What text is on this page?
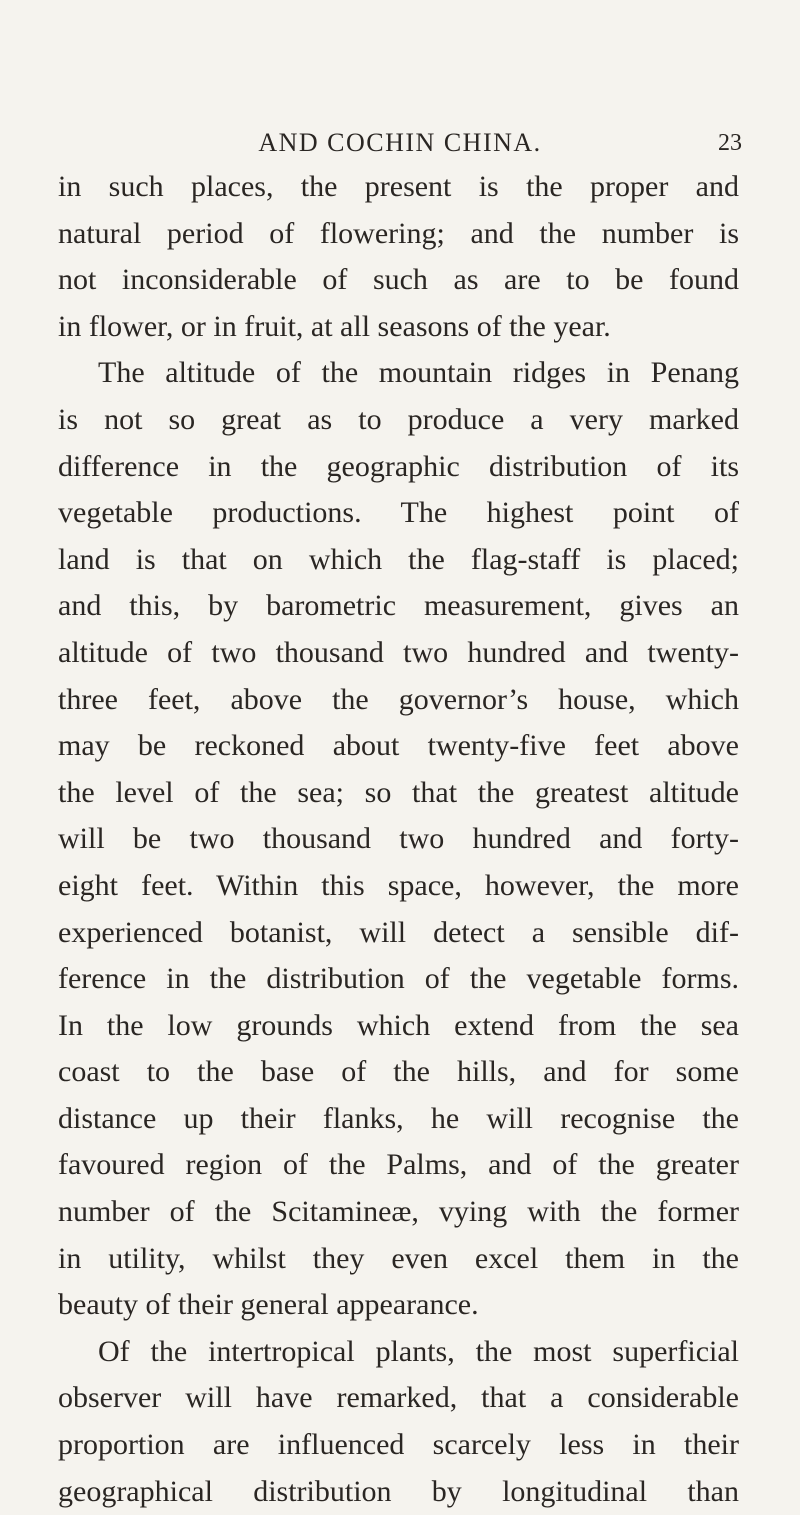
AND COCHIN CHINA.	23
in such places, the present is the proper and
natural period of flowering; and the number is
not inconsiderable of such as are to be found
in flower, or in fruit, at all seasons of the year.
The altitude of the mountain ridges in Penang
is not so great as to produce a very marked
difference in the geographic distribution of its
vegetable productions. The highest point of
land is that on which the flag-staff is placed;
and this, by barometric measurement, gives an
altitude of two thousand two hundred and twenty-
three feet, above the governor’s house, which
may be reckoned about twenty-five feet above
the level of the sea; so that the greatest altitude
will be two thousand two hundred and forty-
eight feet. Within this space, however, the more
experienced botanist, will detect a sensible dif-
ference in the distribution of the vegetable forms.
In the low grounds which extend from the sea
coast to the base of the hills, and for some
distance up their flanks, he will recognise the
favoured region of the Palms, and of the greater
number of the Scitamineæ, vying with the former
in utility, whilst they even excel them in the
beauty of their general appearance.
Of the intertropical plants, the most superficial
observer will have remarked, that a considerable
proportion are influenced scarcely less in their
geographical distribution by longitudinal than
